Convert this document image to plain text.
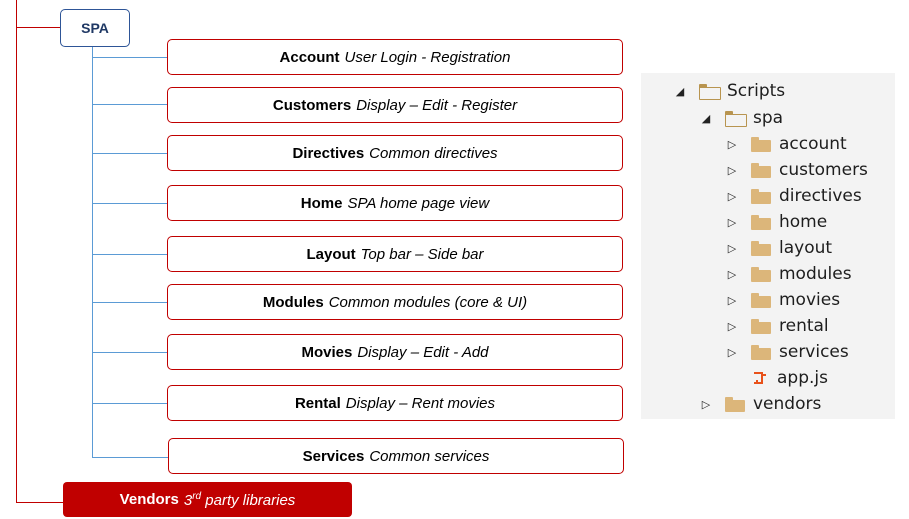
SPA
Account User Login - Registration
Customers Display – Edit - Register
Directives Common directives
Home SPA home page view
Layout Top bar – Side bar
Modules Common modules (core & UI)
Movies Display – Edit - Add
Rental Display – Rent movies
Services Common services
Vendors 3rd party libraries
◢	Scripts
◢	spa
▷	account
▷	customers
▷	directives
▷	home
▷	layout
▷	modules
▷	movies
▷	rental
▷	services
app.js
▷	vendors
